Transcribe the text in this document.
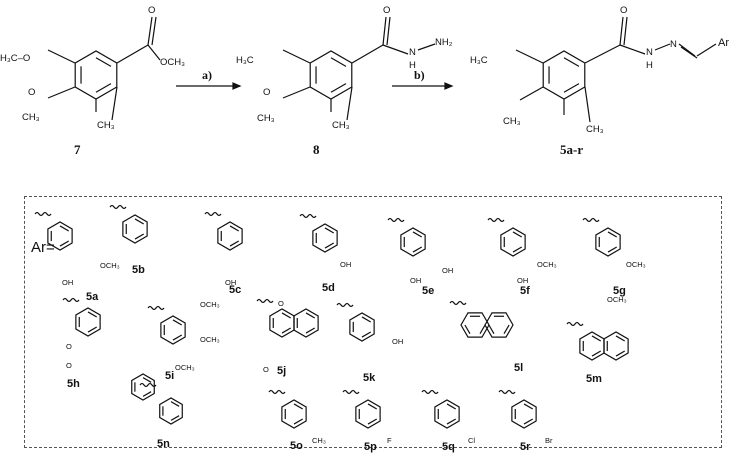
H₃C–O
O
CH₃
CH₃
O
OCH₃
7
a)	b)
H₃C
O
CH₃
CH₃
O
N
H
NH₂
8
H₃C
CH₃
CH₃
O
N
H
N	Ar
5a-r
Ar=
5a
OH
OCH₃ 5b
5c
OH	5d
OH
5e
OH
OH
5f
OH
OCH₃
5g
OCH₃
OCH₃
5h
O
O
5i
OCH₃
OCH₃
OCH₃	5j
O
O
5k
OH
5l
5m
5n	5o CH₃
5p
F
5q
Cl
5r
Br
